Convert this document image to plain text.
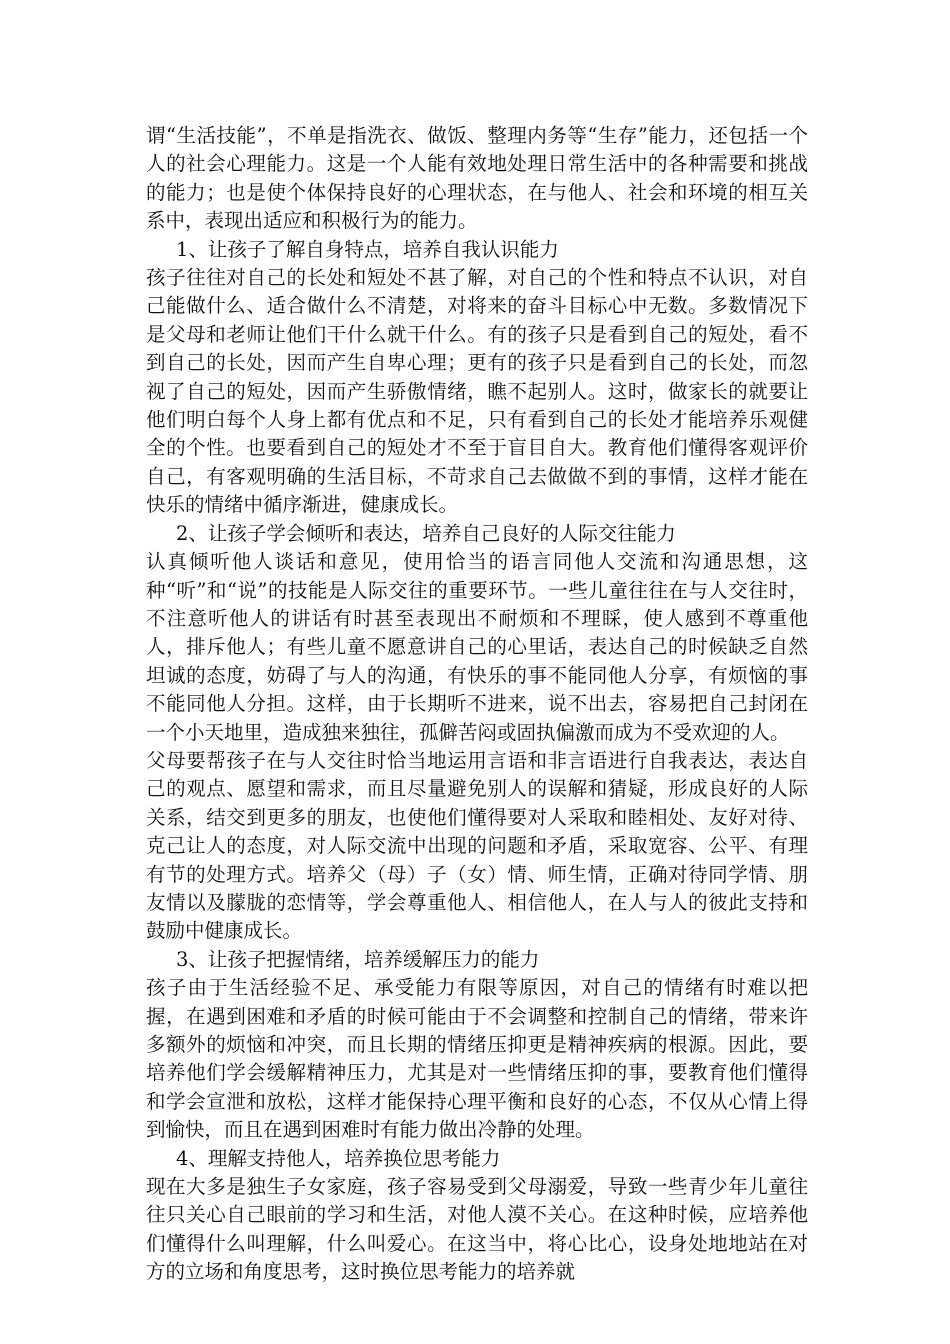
谓“生活技能”，不单是指洗衣、做饭、整理内务等“生存”能力，还包括一个人的社会心理能力。这是一个人能有效地处理日常生活中的各种需要和挑战的能力；也是使个体保持良好的心理状态，在与他人、社会和环境的相互关系中，表现出适应和积极行为的能力。

1、让孩子了解自身特点，培养自我认识能力

孩子往往对自己的长处和短处不甚了解，对自己的个性和特点不认识，对自己能做什么、适合做什么不清楚，对将来的奋斗目标心中无数。多数情况下是父母和老师让他们干什么就干什么。有的孩子只是看到自己的短处，看不到自己的长处，因而产生自卑心理；更有的孩子只是看到自己的长处，而忽视了自己的短处，因而产生骄傲情绪，瞧不起别人。这时，做家长的就要让他们明白每个人身上都有优点和不足，只有看到自己的长处才能培养乐观健全的个性。也要看到自己的短处才不至于盲目自大。教育他们懂得客观评价自己，有客观明确的生活目标，不苛求自己去做做不到的事情，这样才能在快乐的情绪中循序渐进，健康成长。

2、让孩子学会倾听和表达，培养自己良好的人际交往能力

认真倾听他人谈话和意见，使用恰当的语言同他人交流和沟通思想，这种“听”和“说”的技能是人际交往的重要环节。一些儿童往往在与人交往时，不注意听他人的讲话有时甚至表现出不耐烦和不理睬，使人感到不尊重他人，排斥他人；有些儿童不愿意讲自己的心里话，表达自己的时候缺乏自然坦诚的态度，妨碍了与人的沟通，有快乐的事不能同他人分享，有烦恼的事不能同他人分担。这样，由于长期听不进来，说不出去，容易把自己封闭在一个小天地里，造成独来独往，孤僻苦闷或固执偏激而成为不受欢迎的人。

父母要帮孩子在与人交往时恰当地运用言语和非言语进行自我表达，表达自己的观点、愿望和需求，而且尽量避免别人的误解和猜疑，形成良好的人际关系，结交到更多的朋友，也使他们懂得要对人采取和睦相处、友好对待、克己让人的态度，对人际交流中出现的问题和矛盾，采取宽容、公平、有理有节的处理方式。培养父（母）子（女）情、师生情，正确对待同学情、朋友情以及朦胧的恋情等，学会尊重他人、相信他人，在人与人的彼此支持和鼓励中健康成长。

3、让孩子把握情绪，培养缓解压力的能力

孩子由于生活经验不足、承受能力有限等原因，对自己的情绪有时难以把握，在遇到困难和矛盾的时候可能由于不会调整和控制自己的情绪，带来许多额外的烦恼和冲突，而且长期的情绪压抑更是精神疾病的根源。因此，要培养他们学会缓解精神压力，尤其是对一些情绪压抑的事，要教育他们懂得和学会宣泄和放松，这样才能保持心理平衡和良好的心态，不仅从心情上得到愉快，而且在遇到困难时有能力做出冷静的处理。

4、理解支持他人，培养换位思考能力

现在大多是独生子女家庭，孩子容易受到父母溺爱，导致一些青少年儿童往往只关心自己眼前的学习和生活，对他人漠不关心。在这种时候，应培养他们懂得什么叫理解，什么叫爱心。在这当中，将心比心，设身处地地站在对方的立场和角度思考，这时换位思考能力的培养就
